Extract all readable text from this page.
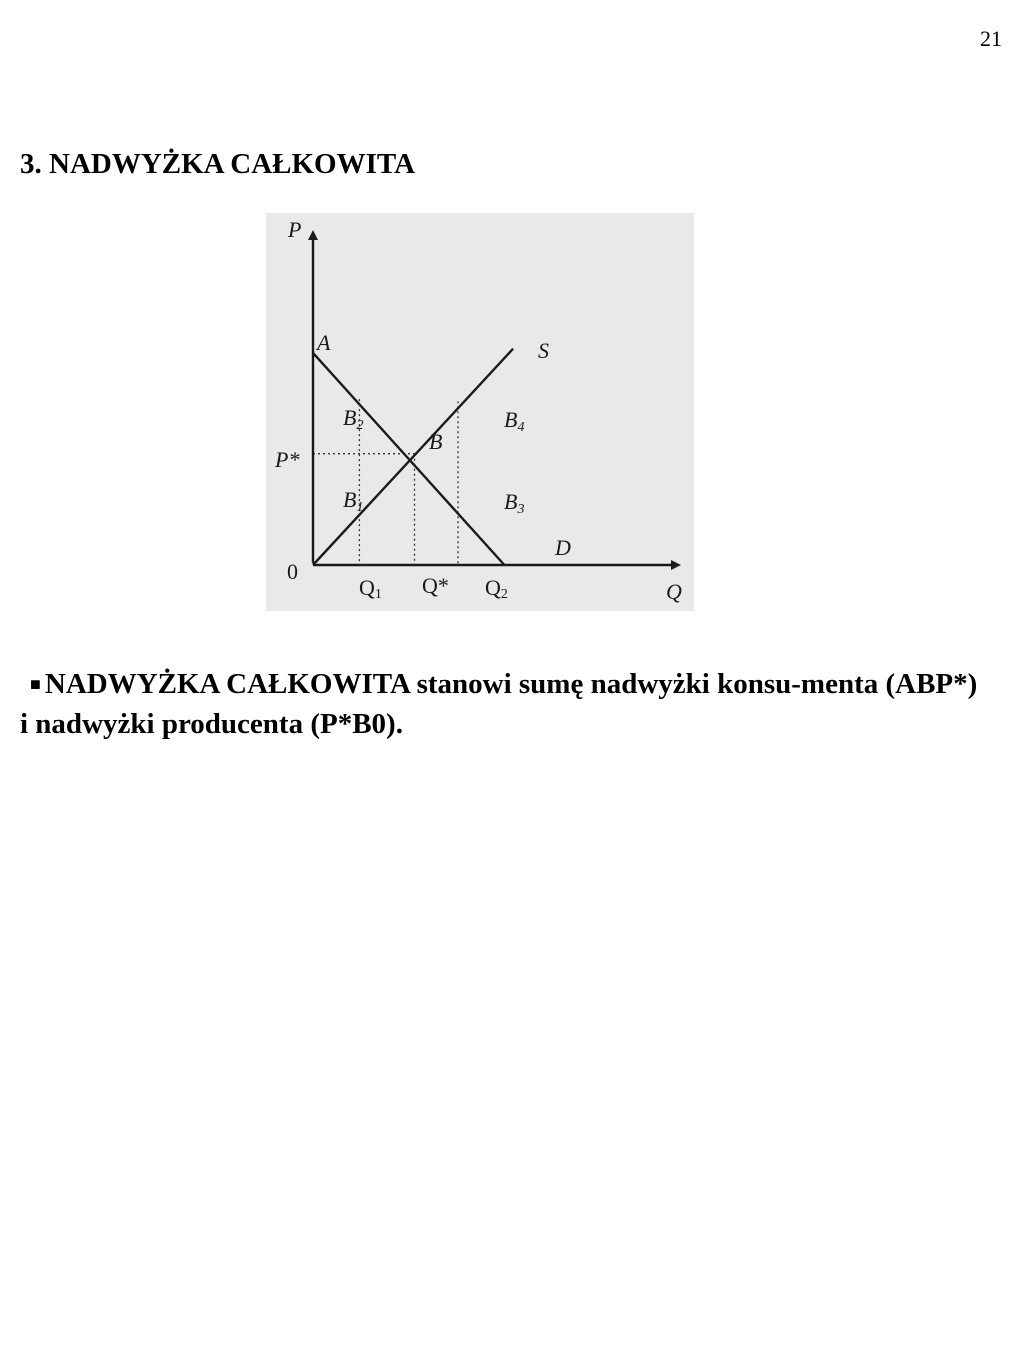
21
3. NADWYŻKA CAŁKOWITA
P
Q
0
P*
A
B
S
D
B1
B2
B3
B4
Q1 Q* Q2

■ NADWYŻKA CAŁKOWITA stanowi sumę nadwyżki konsu-menta (ABP*) i nadwyżki producenta (P*B0).
